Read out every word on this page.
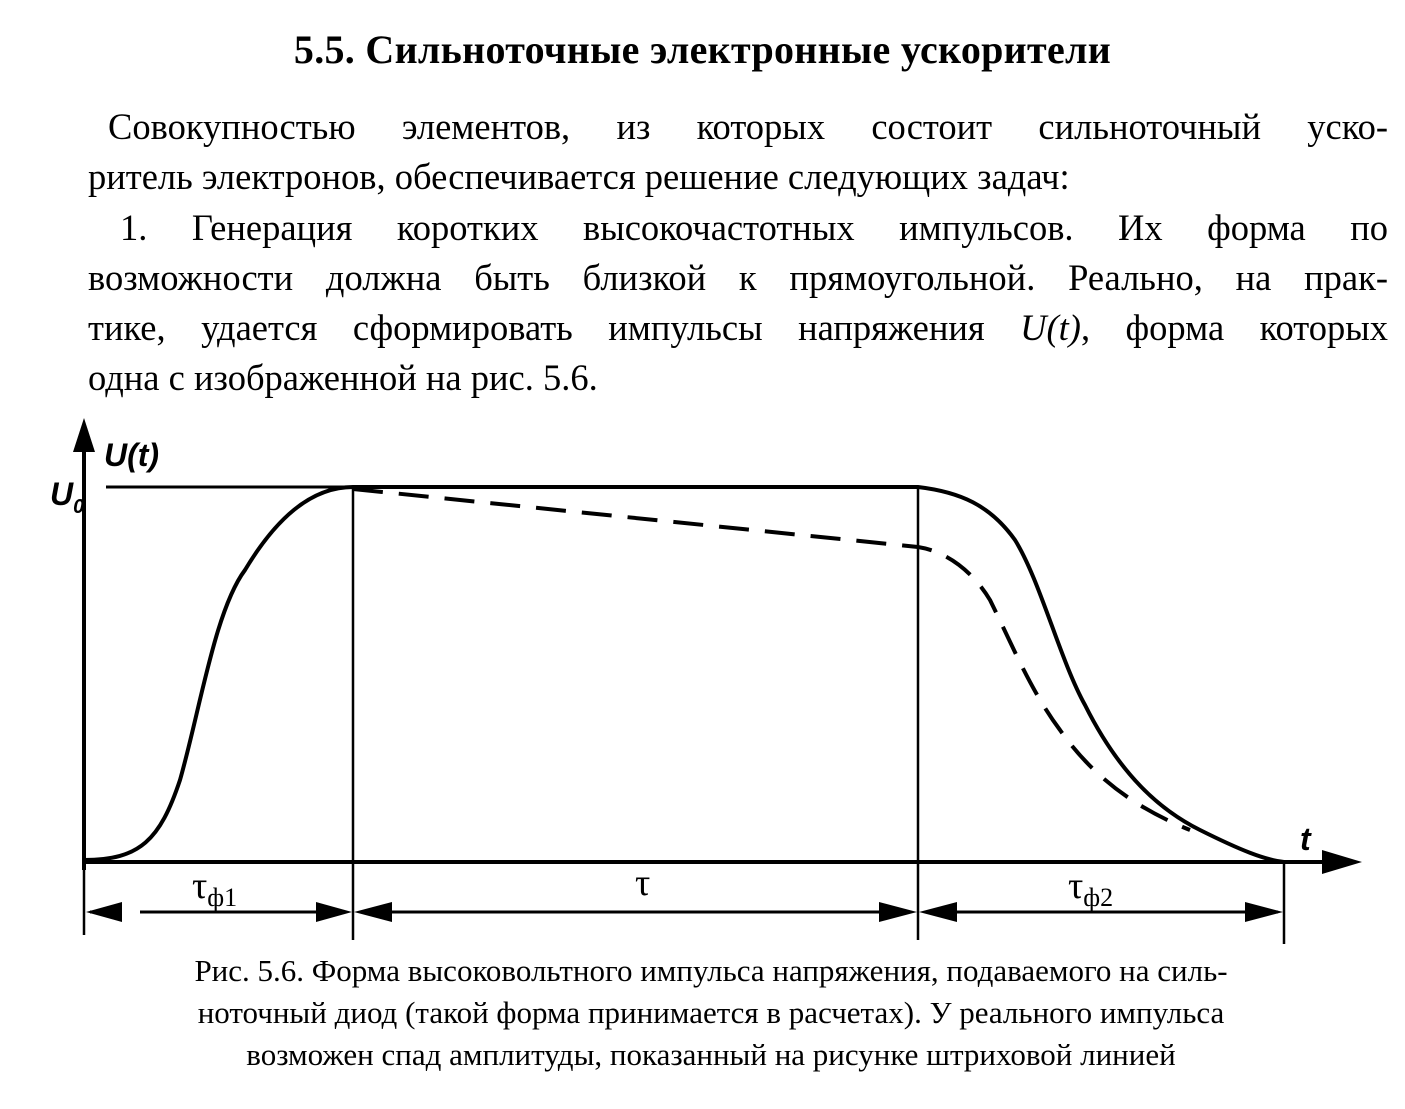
5.5. Сильноточные электронные ускорители
Совокупностью элементов, из которых состоит сильноточный уско-
ритель электронов, обеспечивается решение следующих задач:
1. Генерация коротких высокочастотных импульсов. Их форма по
возможности должна быть близкой к прямоугольной. Реально, на прак-
тике, удается сформировать импульсы напряжения U(t), форма которых
одна с изображенной на рис. 5.6.
U(t)
t
$U_0$
$\tau_{ф1}$	τ	$\tau_{ф2}$
Рис. 5.6. Форма высоковольтного импульса напряжения, подаваемого на силь-
ноточный диод (такой форма принимается в расчетах). У реального импульса
возможен спад амплитуды, показанный на рисунке штриховой линией
